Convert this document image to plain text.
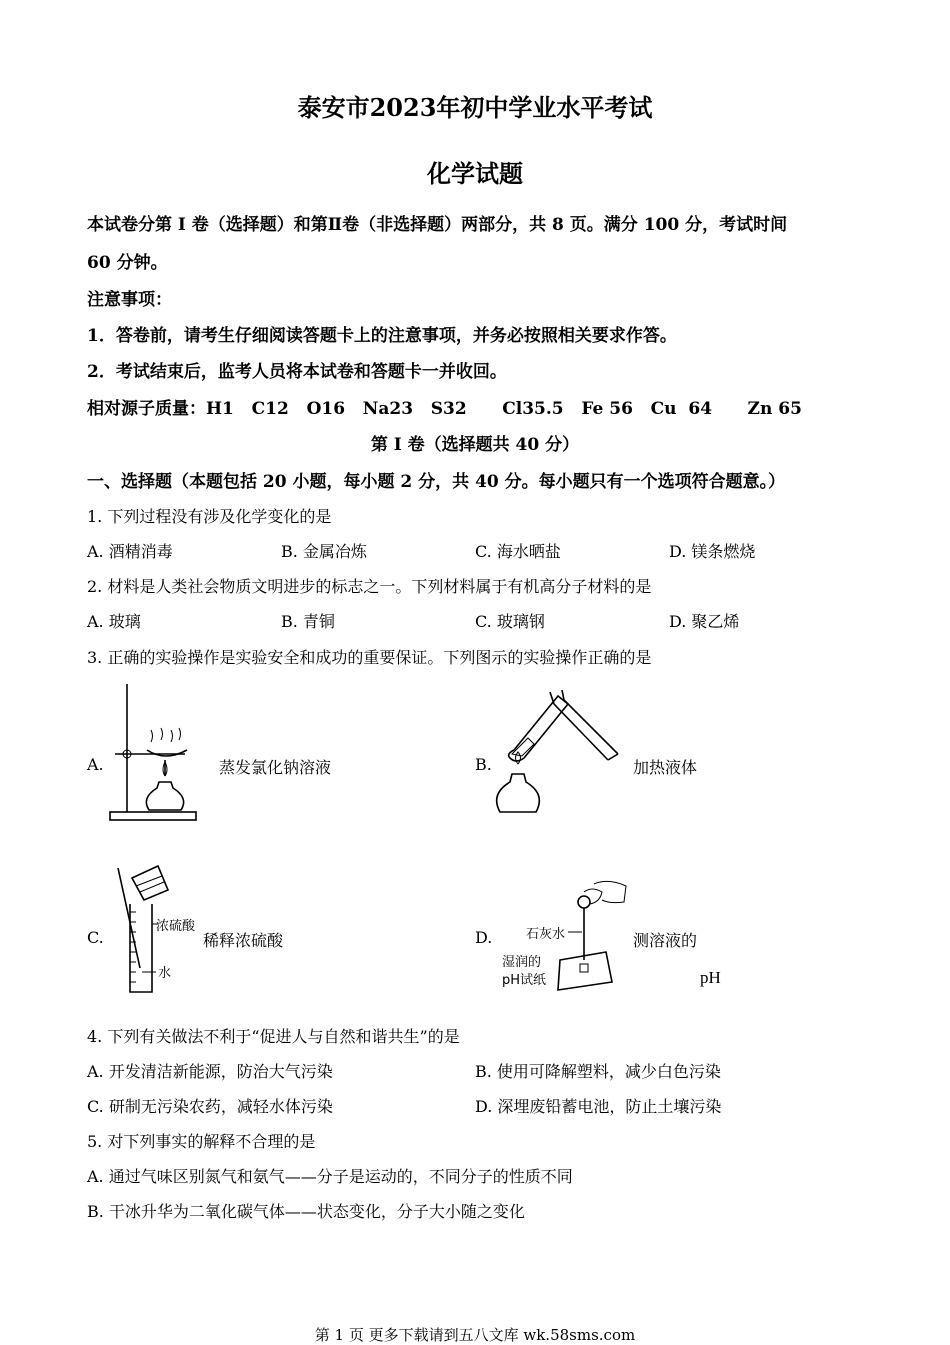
泰安市2023年初中学业水平考试
化学试题
本试卷分第 I 卷（选择题）和第Ⅱ卷（非选择题）两部分，共 8 页。满分 100 分，考试时间
60 分钟。
注意事项：
1．答卷前，请考生仔细阅读答题卡上的注意事项，并务必按照相关要求作答。
2．考试结束后，监考人员将本试卷和答题卡一并收回。
相对源子质量：H1   C12   O16   Na23   S32      Cl35.5   Fe 56   Cu  64      Zn 65
第 I 卷（选择题共 40 分）
一、选择题（本题包括 20 小题，每小题 2 分，共 40 分。每小题只有一个选项符合题意。）
1. 下列过程没有涉及化学变化的是
A. 酒精消毒	B. 金属冶炼	C. 海水晒盐	D. 镁条燃烧
2. 材料是人类社会物质文明进步的标志之一。下列材料属于有机高分子材料的是
A. 玻璃	B. 青铜	C. 玻璃钢	D. 聚乙烯
3. 正确的实验操作是实验安全和成功的重要保证。下列图示的实验操作正确的是
A.	蒸发氯化钠溶液	B.	加热液体
C.
浓硫酸
水
稀释浓硫酸	D.	石灰水
湿润的
pH试纸
测溶液的
pH
4. 下列有关做法不利于“促进人与自然和谐共生”的是
A. 开发清洁新能源，防治大气污染	B. 使用可降解塑料，减少白色污染
C. 研制无污染农药，减轻水体污染	D. 深埋废铅蓄电池，防止土壤污染
5. 对下列事实的解释不合理的是
A. 通过气味区别氮气和氨气——分子是运动的，不同分子的性质不同
B. 干冰升华为二氧化碳气体——状态变化，分子大小随之变化
第 1 页 更多下载请到五八文库 wk.58sms.com
